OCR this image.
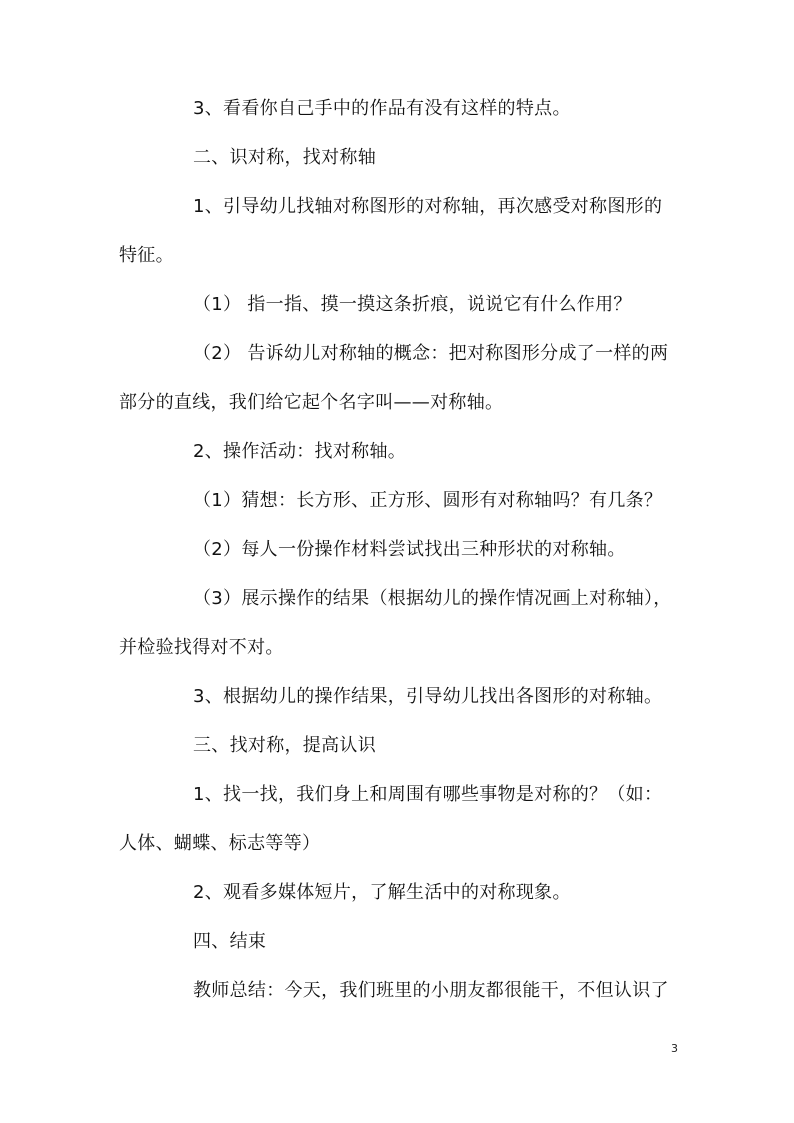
3、看看你自己手中的作品有没有这样的特点。
二、识对称，找对称轴
1、引导幼儿找轴对称图形的对称轴，再次感受对称图形的
特征。
（1） 指一指、摸一摸这条折痕，说说它有什么作用？
（2） 告诉幼儿对称轴的概念：把对称图形分成了一样的两
部分的直线，我们给它起个名字叫——对称轴。
2、操作活动：找对称轴。
（1）猜想：长方形、正方形、圆形有对称轴吗？有几条？
（2）每人一份操作材料尝试找出三种形状的对称轴。
（3）展示操作的结果（根据幼儿的操作情况画上对称轴），
并检验找得对不对。
3、根据幼儿的操作结果，引导幼儿找出各图形的对称轴。
三、找对称，提高认识
1、找一找，我们身上和周围有哪些事物是对称的？（如：
人体、蝴蝶、标志等等）
2、观看多媒体短片，了解生活中的对称现象。
四、结束
教师总结：今天，我们班里的小朋友都很能干，不但认识了
3
